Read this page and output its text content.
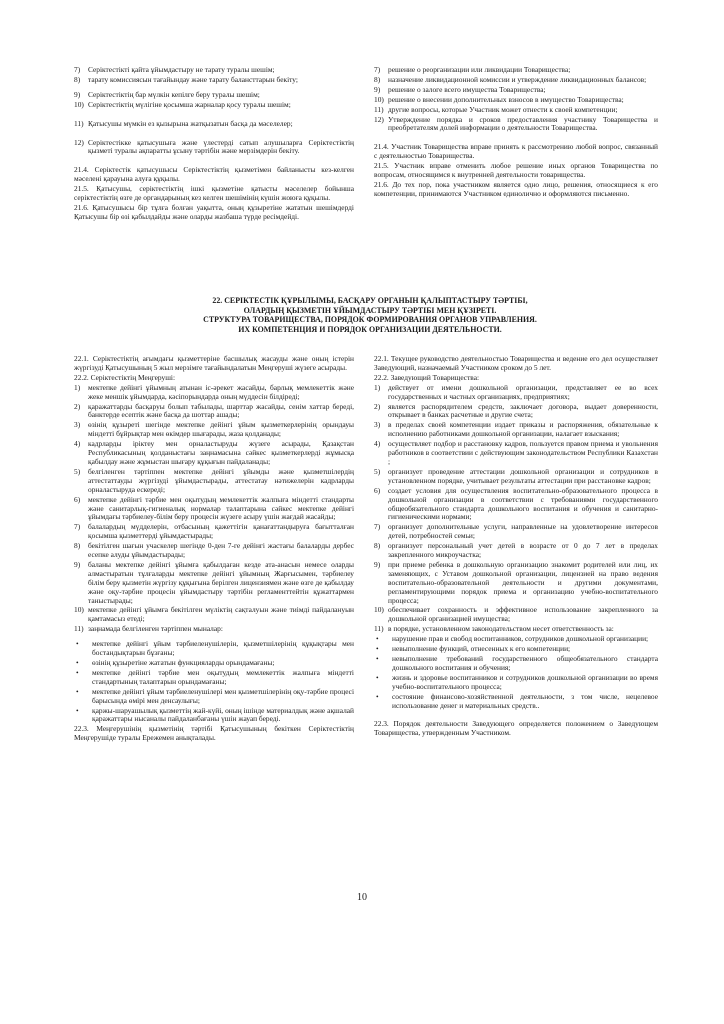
7)	Серіктестікті қайта ұйымдастыру не тарату туралы шешім;
8)	тарату комиссиясын тағайындау және тарату балансттарын бекіту;
9)	Серіктестіктің бар мүлкін кепілге беру туралы шешім;
10) Серіктестіктің мүлігіне қосымша жарналар қосу туралы шешім;
11) Қатысушы мүмкін ез қызырына жатқызатын басқа да мәселелер;
12) Серіктестікке қатысушыға және үлестерді сатып алушыларға Серіктестіктің қызметі туралы ақпаратты ұсыну тәртібін және мерзімдерін бекіту.
21.4. Серіктестік қатысушысы Серіктестіктің қызметімен байланысты кез-келген мәселені қарауына алуға құқылы.
21.5. Қатысушы, серіктестіктің ішкі қызметіне қатысты мәселелер бойынша серіктестіктің өзге де органдарының кез келген шешімінің күшін жоюға құқылы.
21.6. Қатысушысы бір тұлға болған уақытта, оның құзыретіне жататын шешімдерді Қатысушы бір өзі қабылдайды және оларды жазбаша түрде ресімдейді.
7)	решение о реорганизации или ликвидации Товарищества;
8)	назначение ликвидационной комиссии и утверждение ликвидационных балансов;
9)	решение о залоге всего имущества Товарищества;
10) решение о внесении дополнительных взносов в имущество Товарищества;
11) другие вопросы, которые Участник может отнести к своей компетенции;
12) Утверждение порядка и сроков предоставления участнику Товарищества и преобретателям долей информации о деятельности Товарищества.
21.4. Участник Товарищества вправе принять к рассмотрению любой вопрос, связанный с деятельностью Товарищества.
21.5. Участник вправе отменить любое решение иных органов Товарищества по вопросам, относящимся к внутренней деятельности товарищества.
21.6. До тех пор, пока участником является одно лицо, решения, относящиеся к его компетенции, принимаются Участником единолично и оформляются письменно.
22. СЕРІКТЕСТІК ҚҰРЫЛЫМЫ, БАСҚАРУ ОРГАНЫН ҚАЛЫПТАСТЫРУ ТӘРТІБІ,
ОЛАРДЫҢ ҚЫЗМЕТІН ҰЙЫМДАСТЫРУ ТӘРТІБІ МЕН ҚҰЗІРЕТІ.
СТРУКТУРА ТОВАРИЩЕСТВА, ПОРЯДОК ФОРМИРОВАНИЯ ОРГАНОВ УПРАВЛЕНИЯ.
ИХ КОМПЕТЕНЦИЯ И ПОРЯДОК ОРГАНИЗАЦИИ ДЕЯТЕЛЬНОСТИ.
22.1. Серіктестіктің ағымдағы қызметтеріне басшылық жасауды және оның істерін жүргізуді Қатысушының 5 жыл мерзімге тағайындалатын Меңгеруші жүзеге асырады.
22.2. Серіктестіктің Меңгеруші:
1)	мектепке дейінгі ұйымның атынан іс-әрекет жасайды, барлық мемлекеттік және жеке меншік ұйымдарда, кәсіпорындарда оның мүддесін білдіреді;
2)	қаражаттарды басқаруы болып табылады, шарттар жасайды, сенім хаттар береді, банктерде есептік және басқа да шоттар ашады;
3)	өзінің құзыреті шегінде мектепке дейінгі ұйым қызметкерлерінің орындауы міндетті бұйрықтар мен өкімдер шығарады, жаза қолданады;
4)	кадрларды іріктеу мен орналастыруды жүзеге асырады, Қазақстан Республикасының қолданыстағы заңнамасына сәйкес қызметкерлерді жұмысқа қабылдау және жұмыстан шығару құқығын пайдаланады;
5)	белгіленген тәртіппен мектепке дейінгі ұйымды және қызметшілердің аттестаттауды жүргізуді ұйымдастырады, аттестатау нәтижелерін кадрларды орналастыруда ескереді;
6)	мектепке дейінгі тәрбие мен оқытудың мемлекеттік жалпыға міндетті стандарты және санитарлық-гигиеналық нормалар талаптарына сәйкес мектепке дейінгі ұйымдағы тәрбиелеу-білім беру процесін жүзеге асыру үшін жағдай жасайды;
7)	балалардың мүдделерін, отбасының қажеттігін қанағаттандыруға бағытталған қосымша қызметтерді ұйымдастырады;
8)	бекітілген шағын учаскелер шегінде 0-ден 7-ге дейінгі жастағы балаларды дербес есепке алуды ұйымдастырады;
9)	баланы мектепке дейінгі ұйымға қабылдаған кезде ата-анасын немесе оларды алмастыратын тұлғаларды мектепке дейінгі ұйымның Жарғысымен, тәрбиелеу білім беру қызметін жүргізу құқығына берілген лицензиямен және өзге де қабылдау және оқу-тәрбие процесін ұйымдастыру тәртібін регламенттейтін құжаттармен таныстырады;
10) мектепке дейінгі ұйымға бекітілген мүліктің сақталуын және тиімді пайдалануын қамтамасыз етеді;
11) заңнамада белгіленген тәртіппен мыналар:
•	мектепке дейінгі ұйым тәрбиеленушілерін, қызметшілерінің құқықтары мен бостандықтарын бұзғаны;
•	өзінің құзыретіне жататын функцияларды орындамағаны;
•	мектепке дейінгі тәрбие мен оқытудың мемлекеттік жалпыға міндетті стандартының талаптарын орындамағаны;
•	мектепке дейінгі ұйым тәрбиеленушілері мен қызметшілерінің оқу-тәрбие процесі барысында өмірі мен денсаулығы;
•	қаржы-шаруашылық қызметтің жай-күйі, оның ішінде материалдық және ақшалай қаражаттары нысаналы пайдаланбағаны үшін жауап береді.
22.3. Меңгерушінің қызметінің тәртібі Қатысушының бекіткен Серіктестіктің Меңгерушіде туралы Ережемен анықталады.
22.1. Текущее руководство деятельностью Товарищества и ведение его дел осуществляет Заведующий, назначаемый Участником сроком до 5 лет.
22.2. Заведующий Товарищества:
1)	действует от имени дошкольной организации, представляет ее во всех государственных и частных организациях, предприятиях;
2)	является распорядителем средств, заключает договора, выдает доверенности, открывает в банках расчетные и другие счета;
3)	в пределах своей компетенции издает приказы и распоряжения, обязательные к исполнению работниками дошкольной организации, налагает взыскания;
4)	осуществляет подбор и расстановку кадров, пользуется правом приема и увольнения работников в соответствии с действующим законодательством Республики Казахстан ;
5)	организует проведение аттестации дошкольной организации и сотрудников в установленном порядке, учитывает результаты аттестации при расстановке кадров;
6)	создает условия для осуществления воспитательно-образовательного процесса в дошкольной организации в соответствии с требованиями государственного общеобязательного стандарта дошкольного воспитания и обучения и санитарно-гигиеническими нормами;
7)	организует дополнительные услуги, направленные на удовлетворение интересов детей, потребностей семьи;
8)	организует персональный учет детей в возрасте от 0 до 7 лет в пределах закрепленного микроучастка;
9)	при приеме ребенка в дошкольную организацию знакомит родителей или лиц, их заменяющих, с Уставом дошкольной организации, лицензией на право ведения воспитательно-образовательной деятельности и другими документами, регламентирующими порядок приема и организацию учебно-воспитательного процесса;
10) обеспечивает сохранность и эффективное использование закрепленного за дошкольной организацией имущества;
11) в порядке, установленном законодательством несет ответственность за:
•	нарушение прав и свобод воспитанников, сотрудников дошкольной организации;
•	невыполнение функций, отнесенных к его компетенции;
•	невыполнение требований государственного общеобязательного стандарта дошкольного воспитания и обучения;
•	жизнь и здоровье воспитанников и сотрудников дошкольной организации во время учебно-воспитательного процесса;
•	состояние финансово-хозяйственной деятельности, з том числе, нецелевое использование денег и материальных средств..
22.3. Порядок деятельности Заведующего определяется положением о Заведующем Товарищества, утвержденным Участником.
10
